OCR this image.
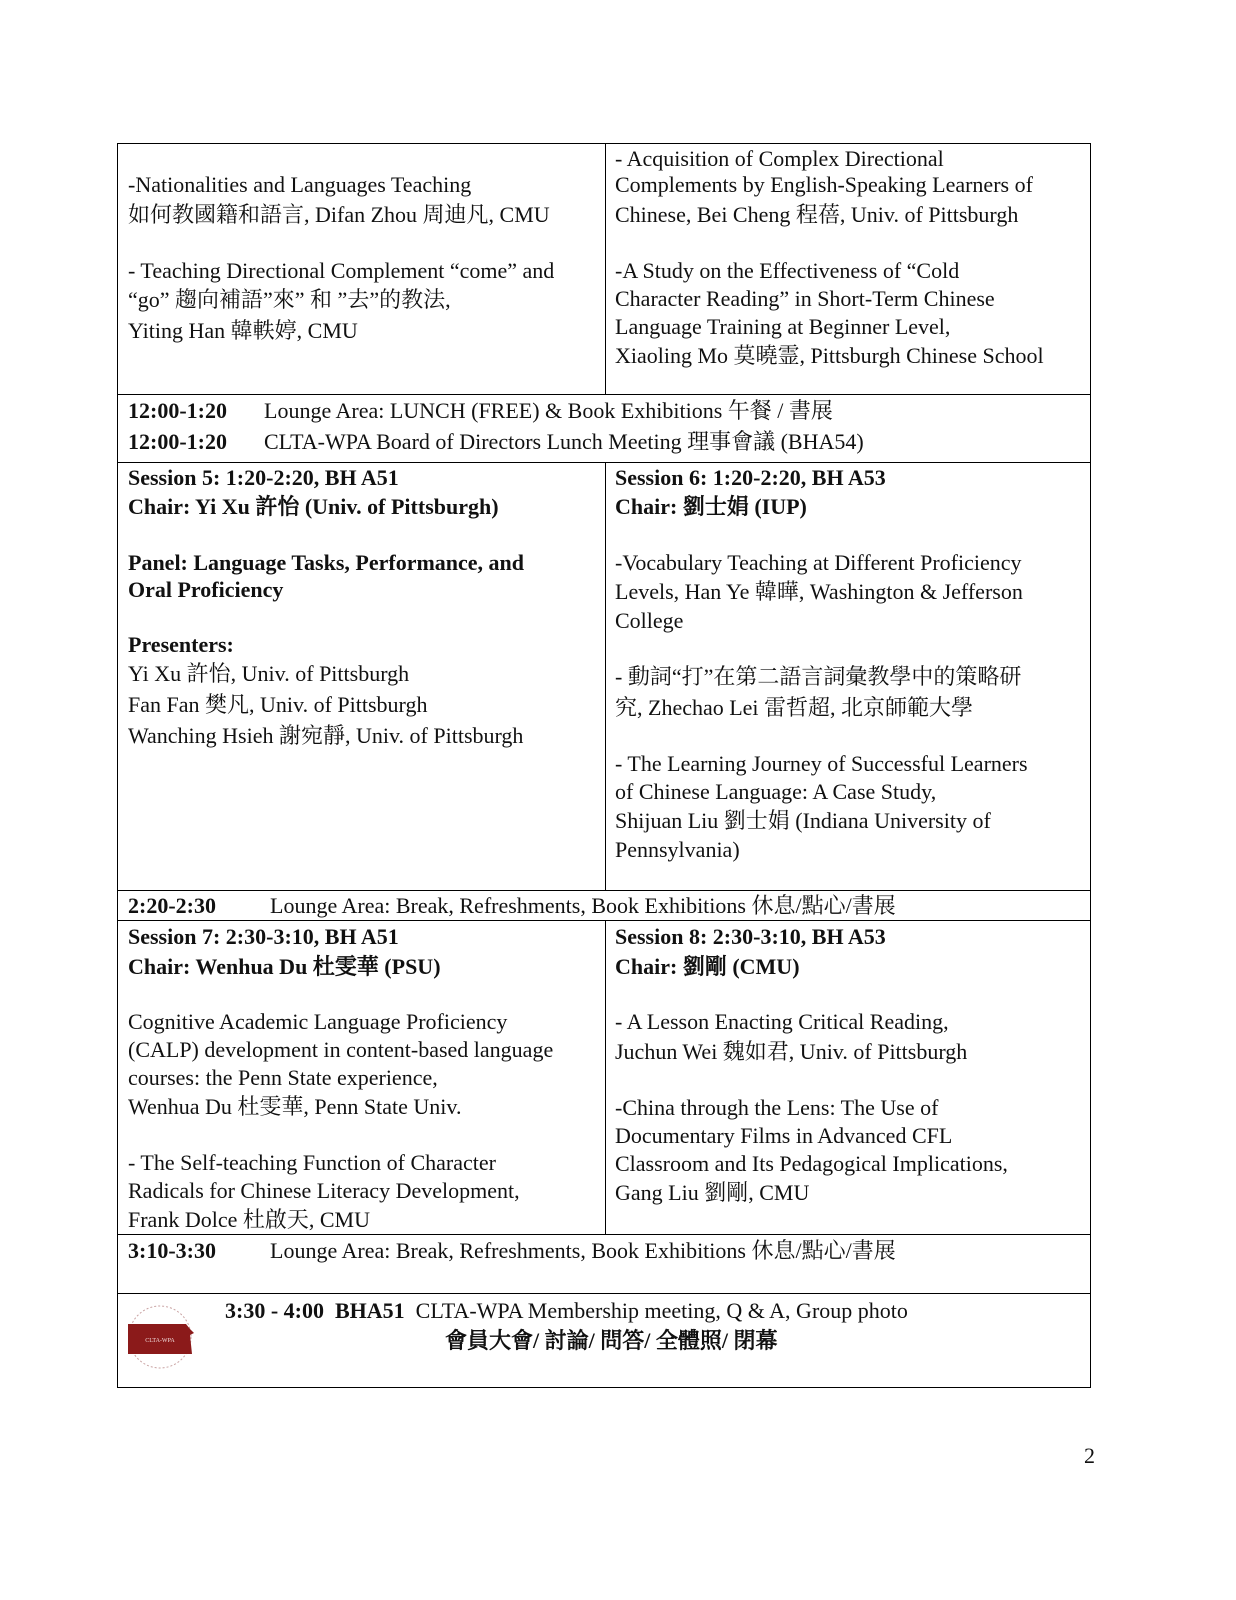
-Nationalities and Languages Teaching
如何教國籍和語言, Difan Zhou 周迪凡, CMU
- Teaching Directional Complement “come” and
“go” 趨向補語”來” 和 ”去”的教法,
Yiting Han 韓軼婷, CMU
- Acquisition of Complex Directional
Complements by English-Speaking Learners of
Chinese, Bei Cheng 程蓓, Univ. of Pittsburgh
-A Study on the Effectiveness of “Cold
Character Reading” in Short-Term Chinese
Language Training at Beginner Level,
Xiaoling Mo 莫曉霊, Pittsburgh Chinese School
12:00-1:20 Lounge Area: LUNCH (FREE) & Book Exhibitions 午餐 / 書展
12:00-1:20 CLTA-WPA Board of Directors Lunch Meeting 理事會議 (BHA54)
Session 5: 1:20-2:20, BH A51
Chair: Yi Xu 許怡 (Univ. of Pittsburgh)
Panel: Language Tasks, Performance, and
Oral Proficiency
Presenters:
Yi Xu 許怡, Univ. of Pittsburgh
Fan Fan 樊凡, Univ. of Pittsburgh
Wanching Hsieh 謝宛靜, Univ. of Pittsburgh
Session 6: 1:20-2:20, BH A53
Chair: 劉士娟 (IUP)
-Vocabulary Teaching at Different Proficiency
Levels, Han Ye 韓曄, Washington & Jefferson
College
- 動詞“打”在第二語言詞彙教學中的策略研
究, Zhechao Lei 雷哲超, 北京師範大學
- The Learning Journey of Successful Learners
of Chinese Language: A Case Study,
Shijuan Liu 劉士娟 (Indiana University of
Pennsylvania)
2:20-2:30 Lounge Area: Break, Refreshments, Book Exhibitions 休息/點心/書展
Session 7: 2:30-3:10, BH A51
Chair: Wenhua Du 杜雯華 (PSU)
Cognitive Academic Language Proficiency
(CALP) development in content-based language
courses: the Penn State experience,
Wenhua Du 杜雯華, Penn State Univ.
- The Self-teaching Function of Character
Radicals for Chinese Literacy Development,
Frank Dolce 杜啟天, CMU
Session 8: 2:30-3:10, BH A53
Chair: 劉剛 (CMU)
- A Lesson Enacting Critical Reading,
Juchun Wei 魏如君, Univ. of Pittsburgh
-China through the Lens: The Use of
Documentary Films in Advanced CFL
Classroom and Its Pedagogical Implications,
Gang Liu 劉剛, CMU
3:10-3:30 Lounge Area: Break, Refreshments, Book Exhibitions 休息/點心/書展
CLTA-WPA
3:30 - 4:00 BHA51 CLTA-WPA Membership meeting, Q & A, Group photo
會員大會/ 討論/ 問答/ 全體照/ 閉幕
2
